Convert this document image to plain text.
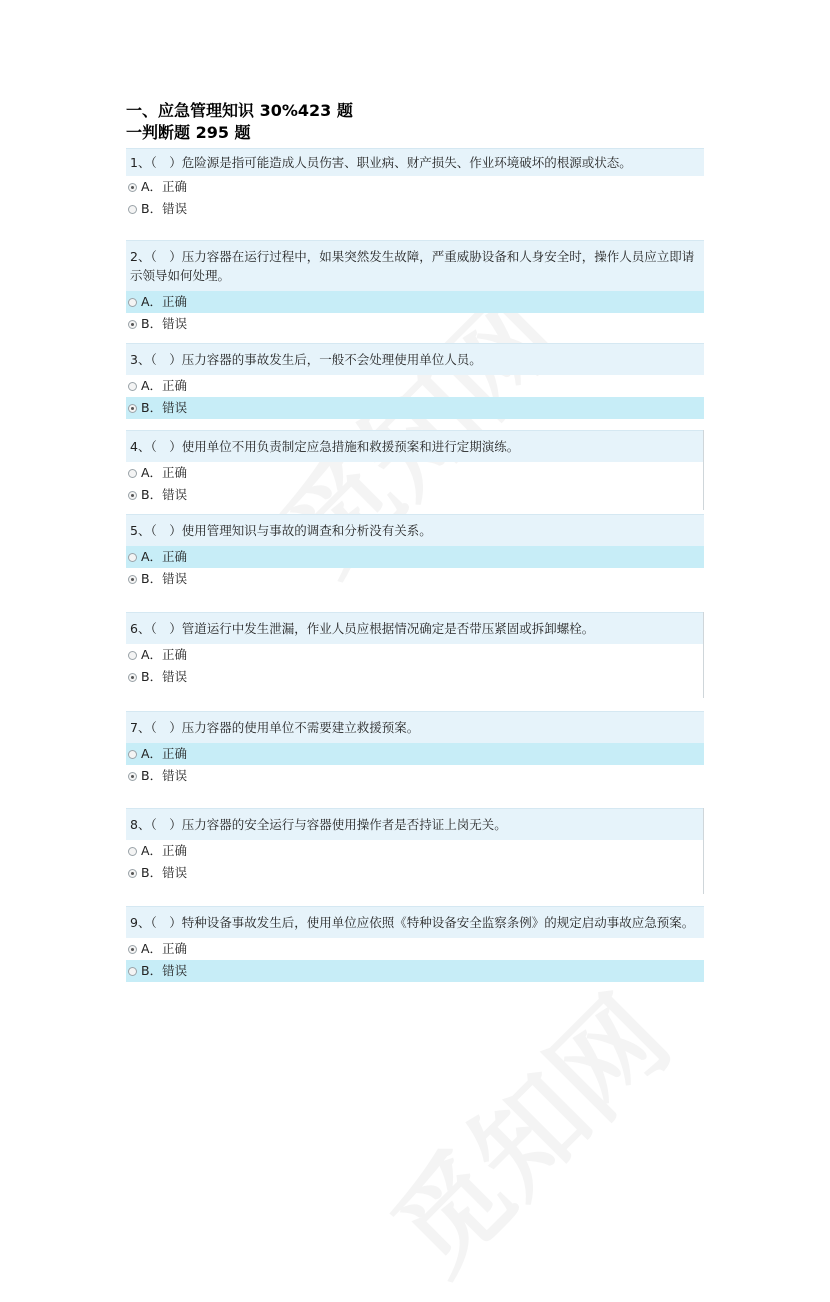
一、应急管理知识 30%423 题
一判断题 295 题
1、（　）危险源是指可能造成人员伤害、职业病、财产损失、作业环境破坏的根源或状态。
A．正确
B．错误
2、（　）压力容器在运行过程中，如果突然发生故障，严重威胁设备和人身安全时，操作人员应立即请示领导如何处理。
A．正确
B．错误
3、（　）压力容器的事故发生后，一般不会处理使用单位人员。
A．正确
B．错误
4、（　）使用单位不用负责制定应急措施和救援预案和进行定期演练。
A．正确
B．错误
5、（　）使用管理知识与事故的调查和分析没有关系。
A．正确
B．错误
6、（　）管道运行中发生泄漏，作业人员应根据情况确定是否带压紧固或拆卸螺栓。
A．正确
B．错误
7、（　）压力容器的使用单位不需要建立救援预案。
A．正确
B．错误
8、（　）压力容器的安全运行与容器使用操作者是否持证上岗无关。
A．正确
B．错误
9、（　）特种设备事故发生后，使用单位应依照《特种设备安全监察条例》的规定启动事故应急预案。
A．正确
B．错误
